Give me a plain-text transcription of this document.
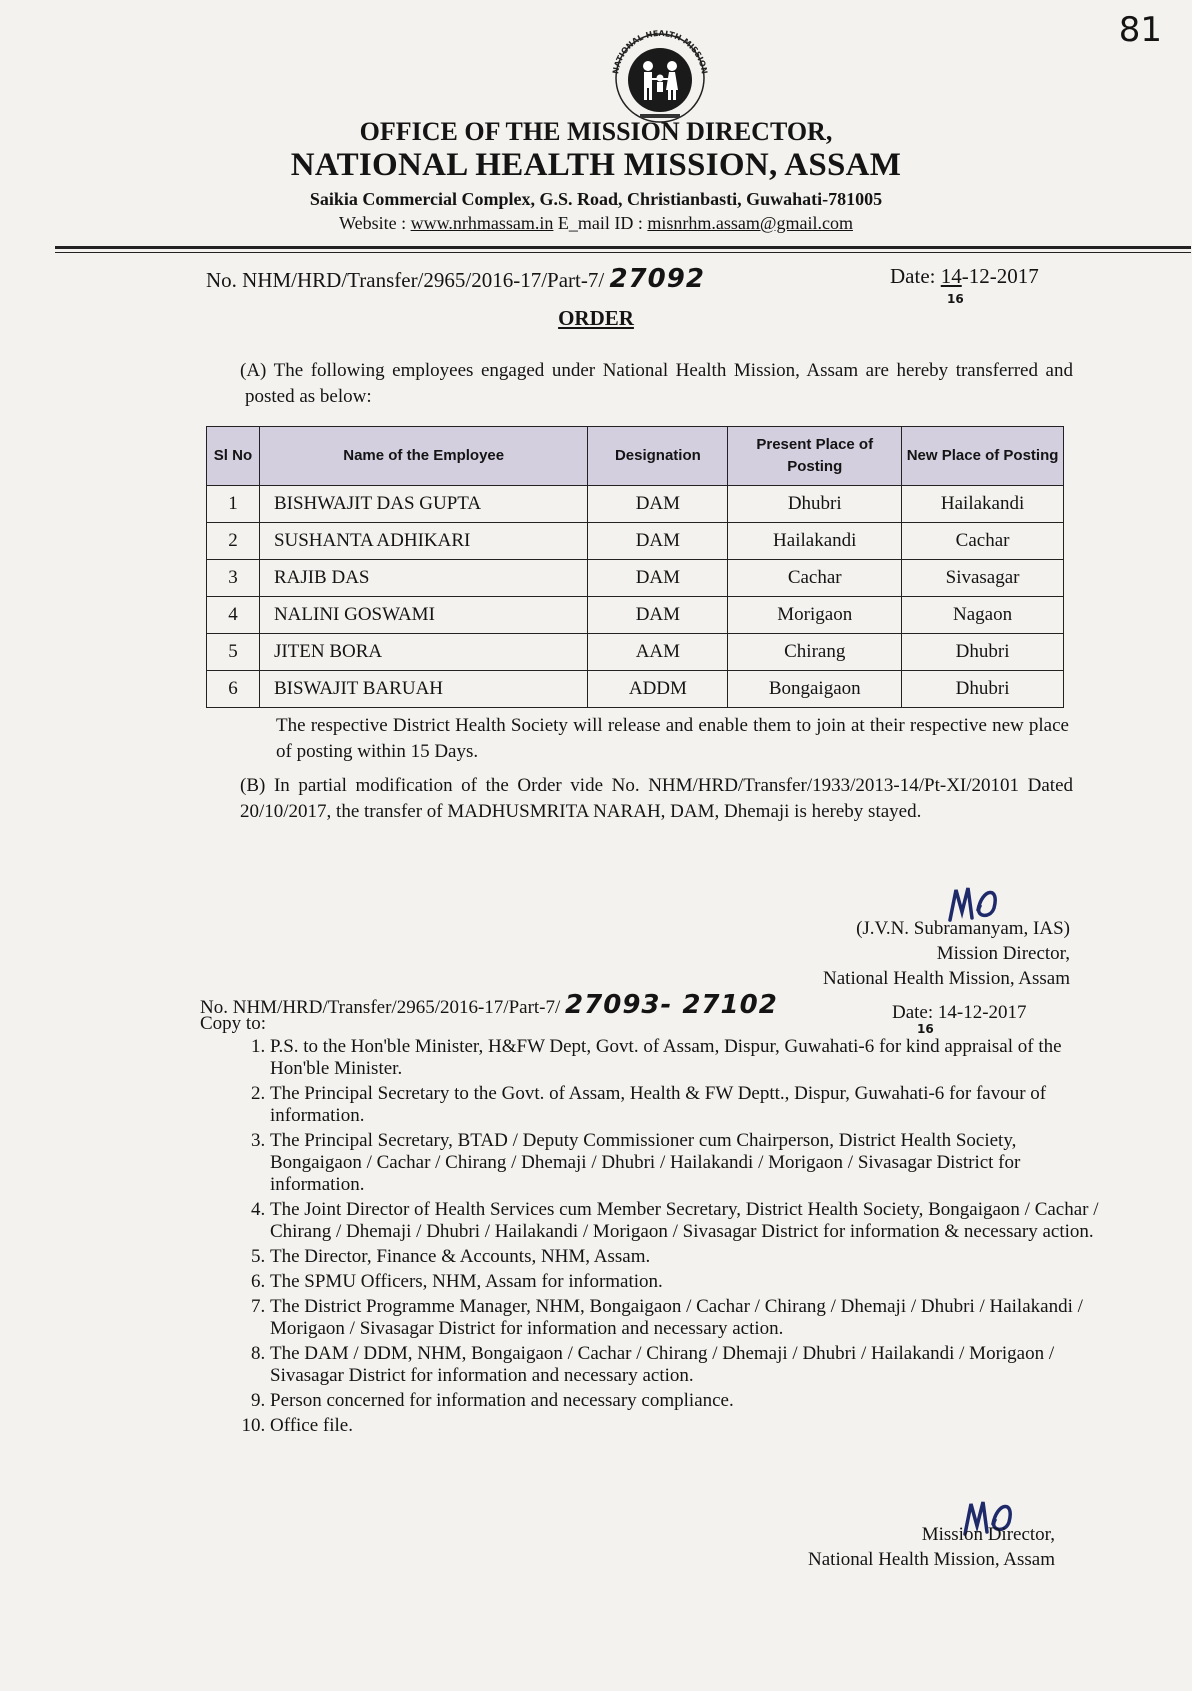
81
NATIONAL HEALTH MISSION
OFFICE OF THE MISSION DIRECTOR,
NATIONAL HEALTH MISSION, ASSAM
Saikia Commercial Complex, G.S. Road, Christianbasti, Guwahati-781005
Website : www.nrhmassam.in E_mail ID : misnrhm.assam@gmail.com
No. NHM/HRD/Transfer/2965/2016-17/Part-7/ 27092	Date: 14-12-2017
16
ORDER
(A) The following employees engaged under National Health Mission, Assam are hereby transferred and posted as below:
Sl No	Name of the Employee	Designation	Present Place of Posting	New Place of Posting
1	BISHWAJIT DAS GUPTA	DAM	Dhubri	Hailakandi
2	SUSHANTA ADHIKARI	DAM	Hailakandi	Cachar
3	RAJIB DAS	DAM	Cachar	Sivasagar
4	NALINI GOSWAMI	DAM	Morigaon	Nagaon
5	JITEN BORA	AAM	Chirang	Dhubri
6	BISWAJIT BARUAH	ADDM	Bongaigaon	Dhubri
The respective District Health Society will release and enable them to join at their respective new place of posting within 15 Days.
(B) In partial modification of the Order vide No. NHM/HRD/Transfer/1933/2013-14/Pt-XI/20101 Dated 20/10/2017, the transfer of MADHUSMRITA NARAH, DAM, Dhemaji is hereby stayed.
(J.V.N. Subramanyam, IAS)
Mission Director,
National Health Mission, Assam
No. NHM/HRD/Transfer/2965/2016-17/Part-7/ 27093- 27102	Date: 14-12-2017
16
Copy to:
1. P.S. to the Hon'ble Minister, H&FW Dept, Govt. of Assam, Dispur, Guwahati-6 for kind appraisal of the Hon'ble Minister.
2. The Principal Secretary to the Govt. of Assam, Health & FW Deptt., Dispur, Guwahati-6 for favour of information.
3. The Principal Secretary, BTAD / Deputy Commissioner cum Chairperson, District Health Society, Bongaigaon / Cachar / Chirang / Dhemaji / Dhubri / Hailakandi / Morigaon / Sivasagar District for information.
4. The Joint Director of Health Services cum Member Secretary, District Health Society, Bongaigaon / Cachar / Chirang / Dhemaji / Dhubri / Hailakandi / Morigaon / Sivasagar District for information & necessary action.
5. The Director, Finance & Accounts, NHM, Assam.
6. The SPMU Officers, NHM, Assam for information.
7. The District Programme Manager, NHM, Bongaigaon / Cachar / Chirang / Dhemaji / Dhubri / Hailakandi / Morigaon / Sivasagar District for information and necessary action.
8. The DAM / DDM, NHM, Bongaigaon / Cachar / Chirang / Dhemaji / Dhubri / Hailakandi / Morigaon / Sivasagar District for information and necessary action.
9. Person concerned for information and necessary compliance.
10. Office file.
Mission Director,
National Health Mission, Assam
